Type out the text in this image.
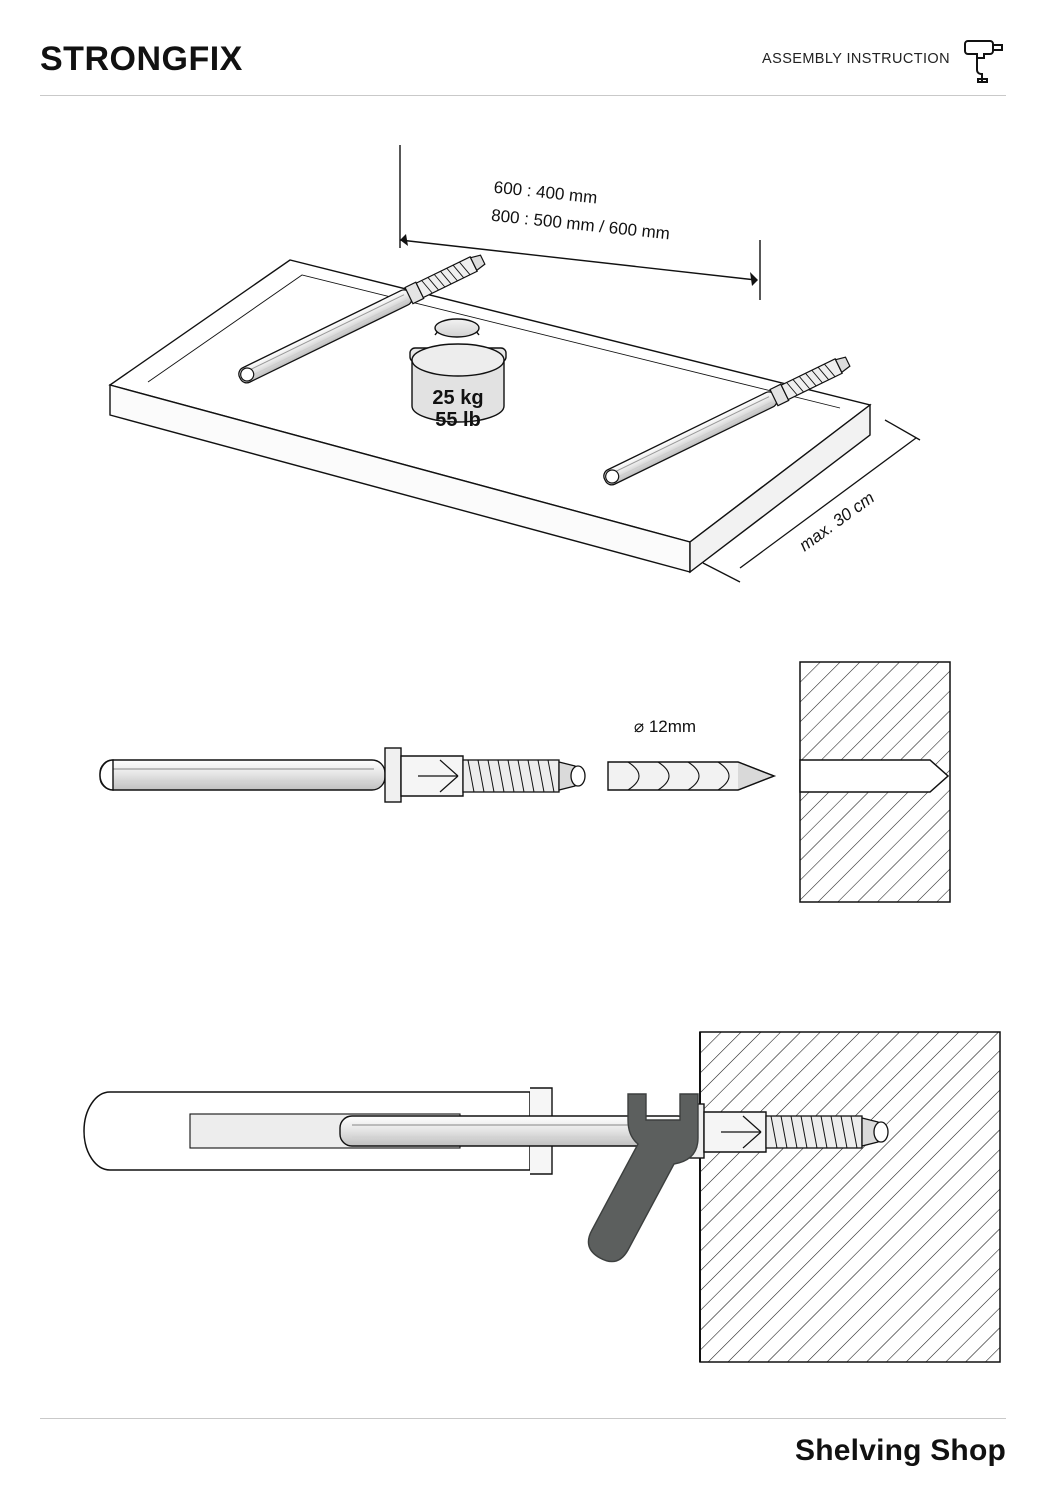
STRONGFIX	ASSEMBLY INSTRUCTION
25 kg
55 lb
600 : 400 mm
800 : 500 mm / 600 mm
max. 30 cm
⌀ 12mm
Shelving Shop
